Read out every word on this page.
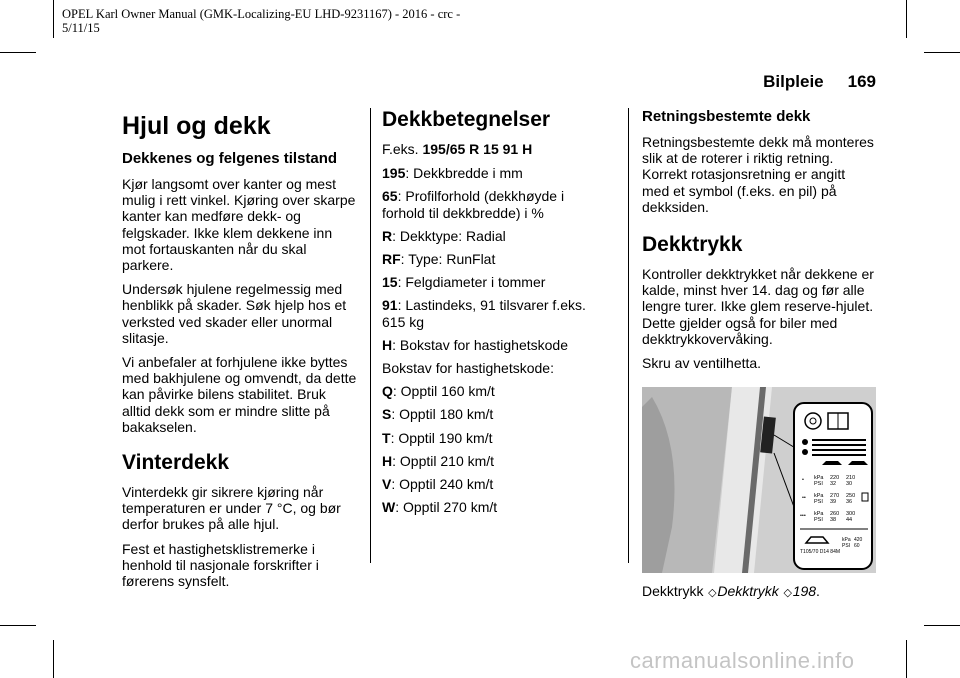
OPEL Karl Owner Manual (GMK-Localizing-EU LHD-9231167) - 2016 - crc -
5/11/15
Bilpleie 169
Hjul og dekk
Dekkenes og felgenes tilstand

Kjør langsomt over kanter og mest mulig i rett vinkel. Kjøring over skarpe kanter kan medføre dekk- og felgskader. Ikke klem dekkene inn mot fortauskanten når du skal parkere.

Undersøk hjulene regelmessig med henblikk på skader. Søk hjelp hos et verksted ved skader eller unormal slitasje.

Vi anbefaler at forhjulene ikke byttes med bakhjulene og omvendt, da dette kan påvirke bilens stabilitet. Bruk alltid dekk som er mindre slitte på bakakselen.

Vinterdekk

Vinterdekk gir sikrere kjøring når temperaturen er under 7 °C, og bør derfor brukes på alle hjul.

Fest et hastighetsklistremerke i henhold til nasjonale forskrifter i førerens synsfelt.

Dekkbetegnelser

F.eks. 195/65 R 15 91 H

195: Dekkbredde i mm
65: Profilforhold (dekkhøyde i forhold til dekkbredde) i %
R: Dekktype: Radial
RF: Type: RunFlat
15: Felgdiameter i tommer
91: Lastindeks, 91 tilsvarer f.eks. 615 kg
H: Bokstav for hastighetskode
Bokstav for hastighetskode:
Q: Opptil 160 km/t
S: Opptil 180 km/t
T: Opptil 190 km/t
H: Opptil 210 km/t
V: Opptil 240 km/t
W: Opptil 270 km/t
Retningsbestemte dekk

Retningsbestemte dekk må monteres slik at de roterer i riktig retning. Korrekt rotasjonsretning er angitt med et symbol (f.eks. en pil) på dekksiden.

Dekktrykk

Kontroller dekktrykket når dekkene er kalde, minst hver 14. dag og før alle lengre turer. Ikke glem reserve-hjulet. Dette gjelder også for biler med dekktrykkovervåking.

Skru av ventilhetta.

• kPa
PSI
220 210
32 30
•• kPa
PSI
270 250
39 36
••• kPa
PSI
260 300
38 44
T105/70 D14 84M
kPa
PSI
420
60

Dekktrykk ◇Dekktrykk ◇198.

carmanualsonline.info
